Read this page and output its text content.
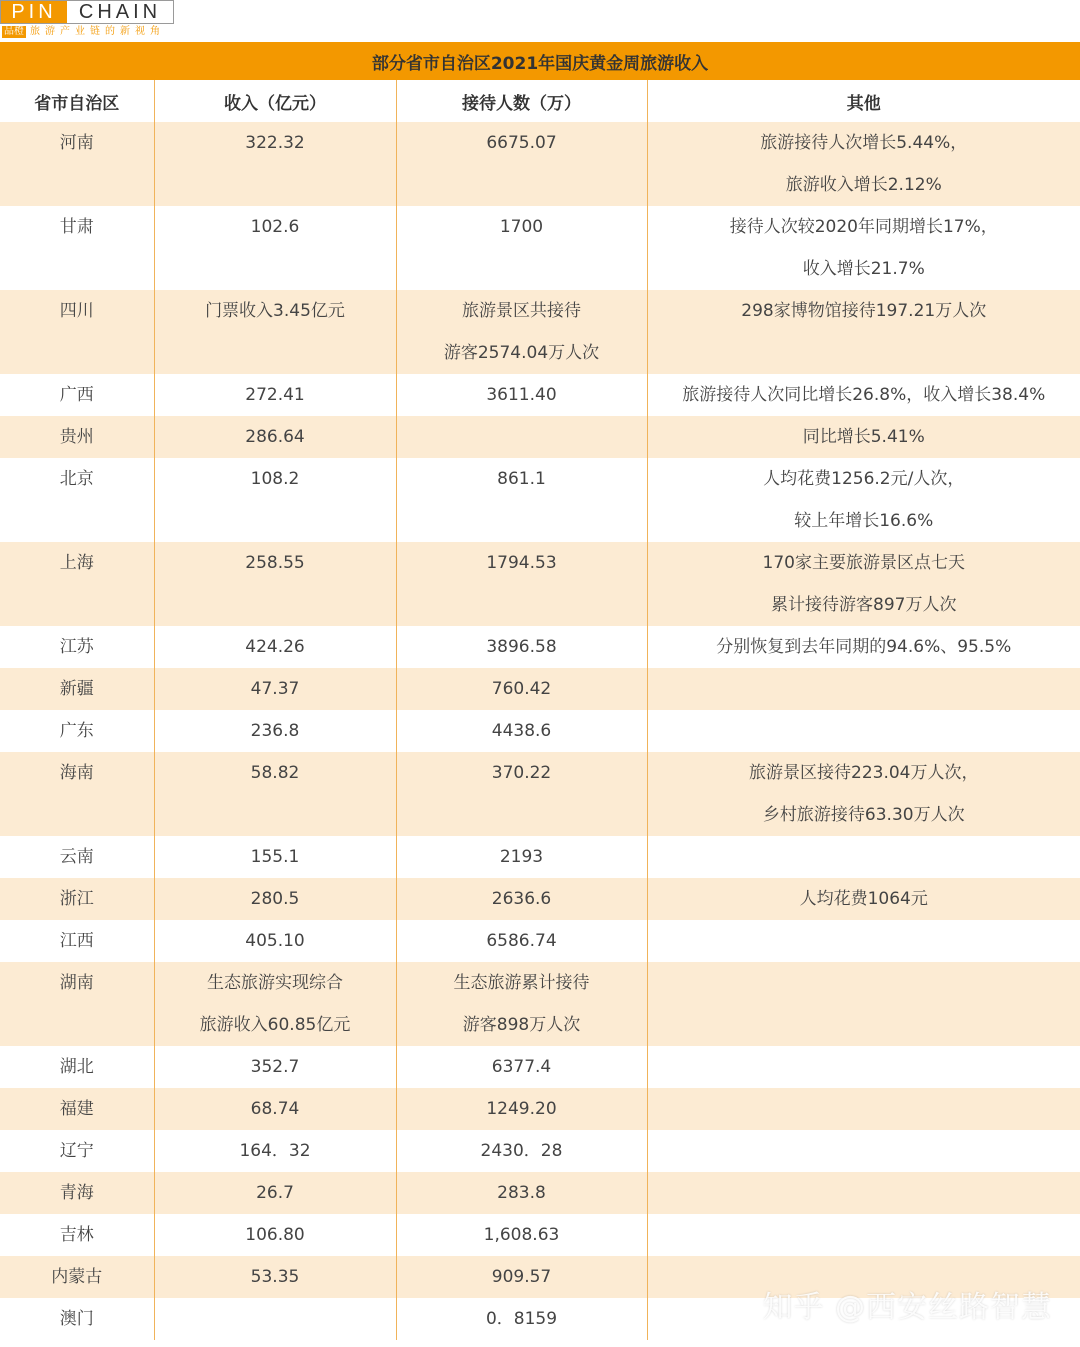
PIN	CHAIN
品橙 旅游产业链的新视角
部分省市自治区2021年国庆黄金周旅游收入
省市自治区	收入（亿元）	接待人数（万）	其他
河南	322.32	6675.07	旅游接待人次增长5.44%，
旅游收入增长2.12%

甘肃	102.6	1700	接待人次较2020年同期增长17%，
收入增长21.7%

四川	门票收入3.45亿元	旅游景区共接待
游客2574.04万人次	298家博物馆接待197.21万人次

广西	272.41	3611.40	旅游接待人次同比增长26.8%，收入增长38.4%

贵州	286.64		同比增长5.41%

北京	108.2	861.1	人均花费1256.2元/人次，
较上年增长16.6%

上海	258.55	1794.53	170家主要旅游景区点七天
累计接待游客897万人次

江苏	424.26	3896.58	分别恢复到去年同期的94.6%、95.5%

新疆	47.37	760.42	

广东	236.8	4438.6	

海南	58.82	370.22	旅游景区接待223.04万人次，
乡村旅游接待63.30万人次

云南	155.1	2193	

浙江	280.5	2636.6	人均花费1064元

江西	405.10	6586.74	

湖南	生态旅游实现综合
旅游收入60.85亿元	生态旅游累计接待
游客898万人次	

湖北	352.7	6377.4	

福建	68.74	1249.20	

辽宁	164．32	2430．28	

青海	26.7	283.8	

吉林	106.80	1,608.63	

内蒙古	53.35	909.57	

澳门		0．8159	
		知乎 @西安丝路智慧
